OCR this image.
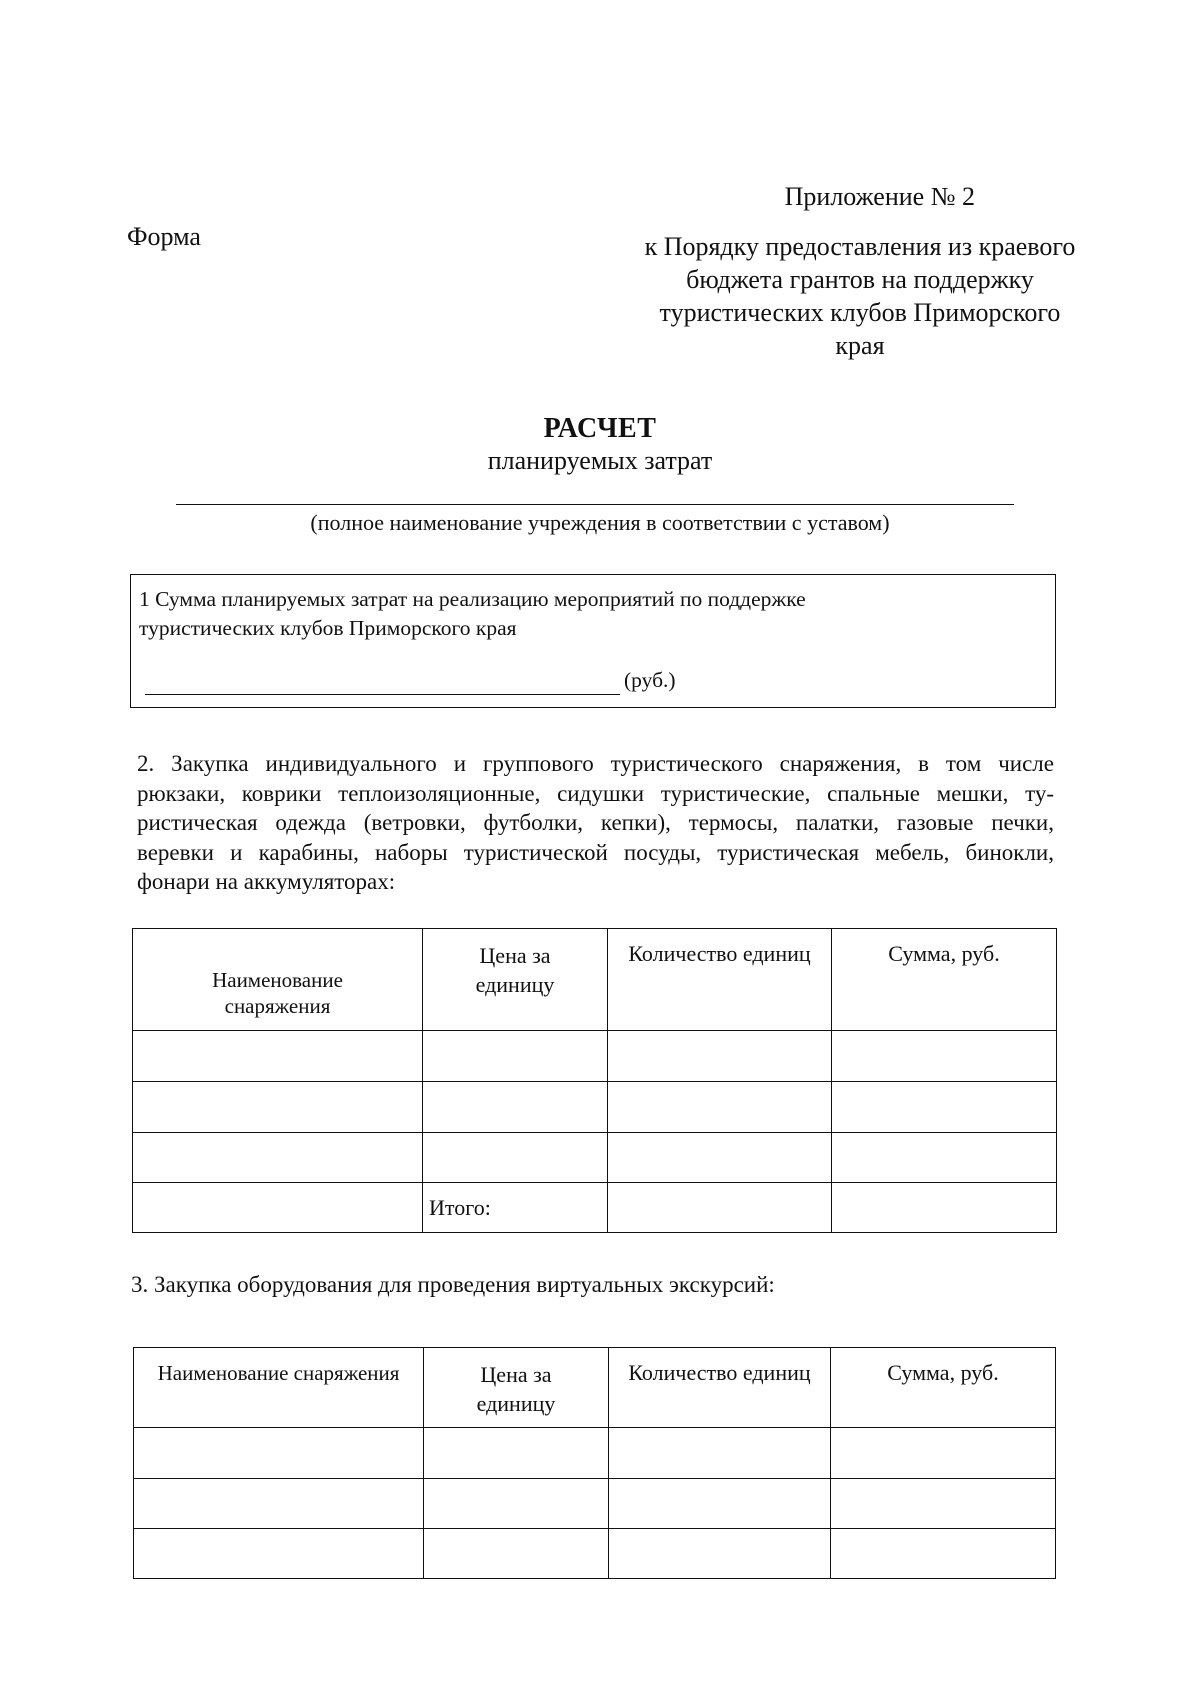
Приложение № 2
Форма	к Порядку предоставления из краевого
бюджета грантов на поддержку
туристических клубов Приморского
края
РАСЧЕТ
планируемых затрат
(полное наименование учреждения в соответствии с уставом)
1 Сумма планируемых затрат на реализацию мероприятий по поддержке
туристических клубов Приморского края
(руб.)
2. Закупка индивидуального и группового туристического снаряжения, в том числе
рюкзаки, коврики теплоизоляционные, сидушки туристические, спальные мешки, ту-
ристическая одежда (ветровки, футболки, кепки), термосы, палатки, газовые печки,
веревки и карабины, наборы туристической посуды, туристическая мебель, бинокли,
фонари на аккумуляторах:
Наименование снаряжения	Цена за единицу	Количество единиц	Сумма, руб.

	Итого:		
3. Закупка оборудования для проведения виртуальных экскурсий:
Наименование снаряжения	Цена за единицу	Количество единиц	Сумма, руб.
